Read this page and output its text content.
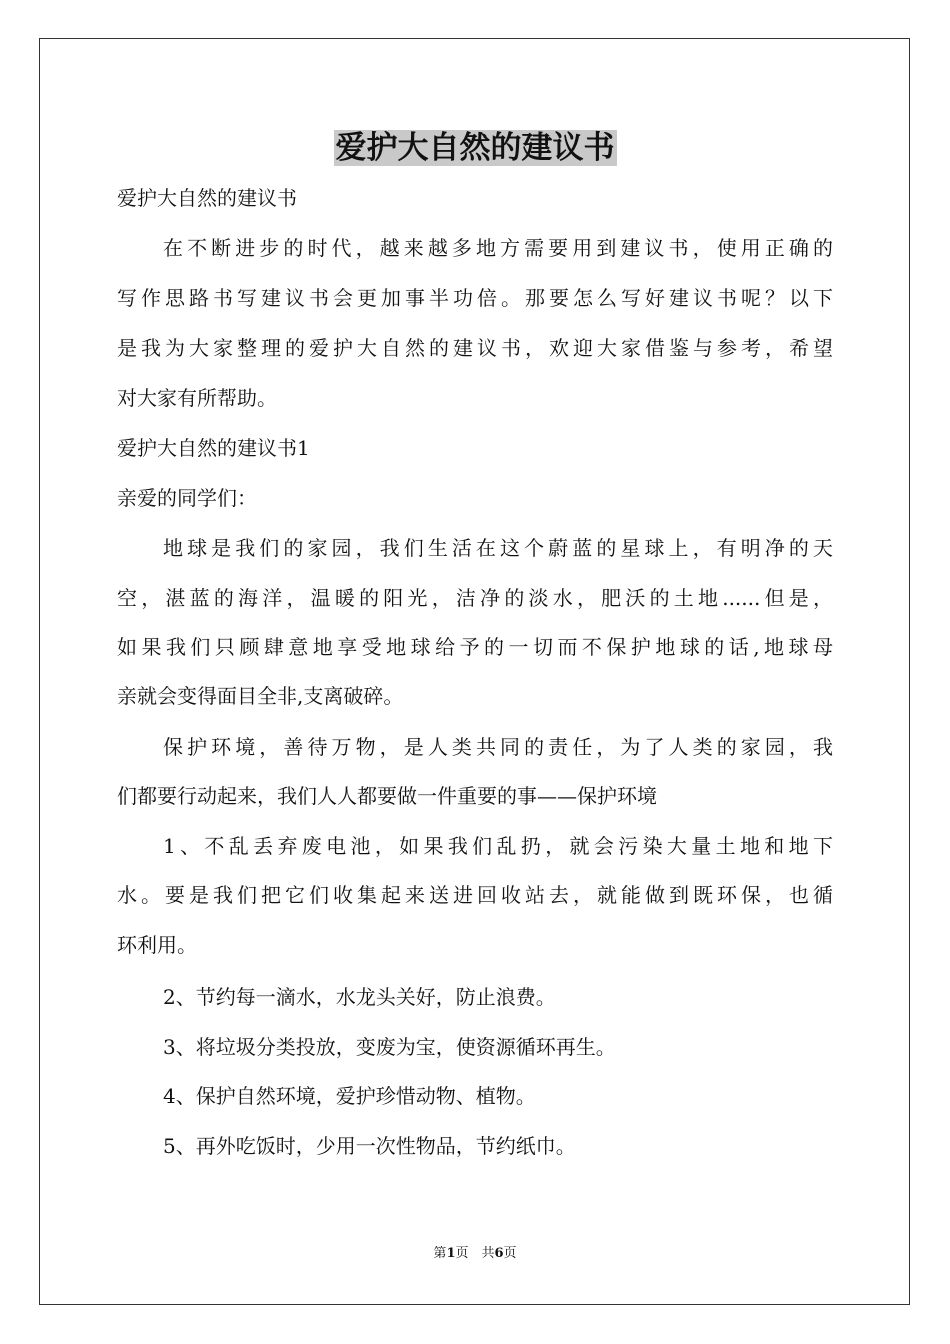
爱护大自然的建议书
爱护大自然的建议书
在不断进步的时代，越来越多地方需要用到建议书，使用正确的
写作思路书写建议书会更加事半功倍。那要怎么写好建议书呢？以下
是我为大家整理的爱护大自然的建议书，欢迎大家借鉴与参考，希望
对大家有所帮助。
爱护大自然的建议书1
亲爱的同学们：
地球是我们的家园，我们生活在这个蔚蓝的星球上，有明净的天
空，湛蓝的海洋，温暖的阳光，洁净的淡水，肥沃的土地......但是，
如果我们只顾肆意地享受地球给予的一切而不保护地球的话,地球母
亲就会变得面目全非,支离破碎。
保护环境，善待万物，是人类共同的责任，为了人类的家园，我
们都要行动起来，我们人人都要做一件重要的事——保护环境
1、不乱丢弃废电池，如果我们乱扔，就会污染大量土地和地下
水。要是我们把它们收集起来送进回收站去，就能做到既环保，也循
环利用。
2、节约每一滴水，水龙头关好，防止浪费。
3、将垃圾分类投放，变废为宝，使资源循环再生。
4、保护自然环境，爱护珍惜动物、植物。
5、再外吃饭时，少用一次性物品，节约纸巾。
第1页　共6页
